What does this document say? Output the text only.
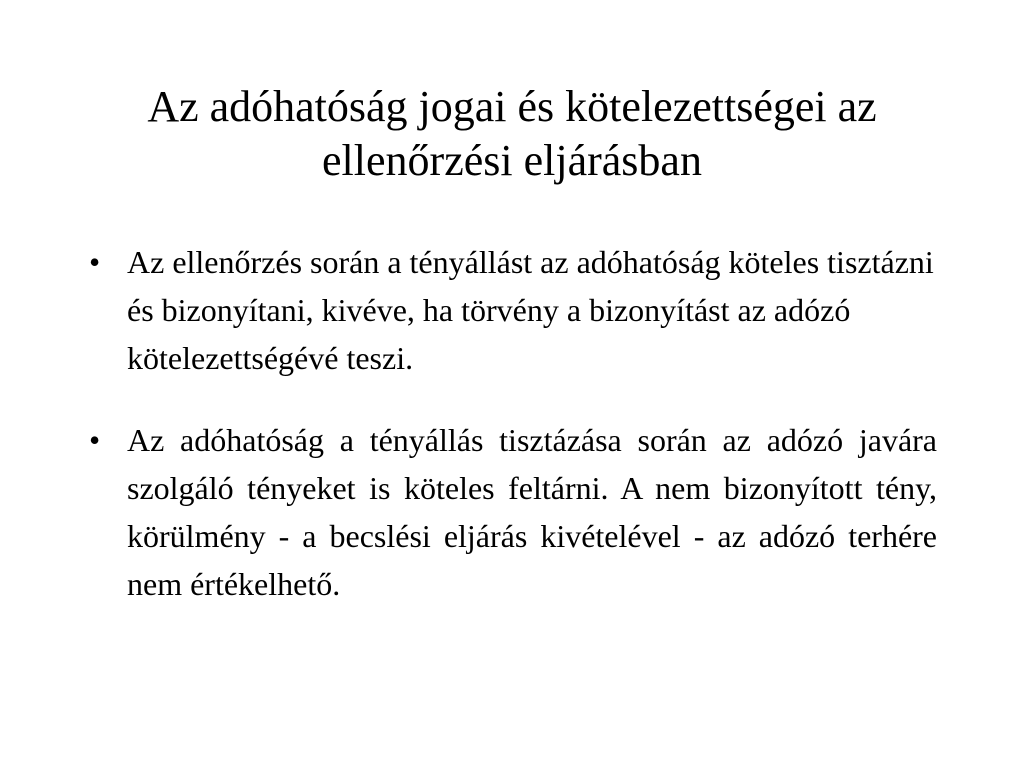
Az adóhatóság jogai és kötelezettségei az ellenőrzési eljárásban
• Az ellenőrzés során a tényállást az adóhatóság köteles tisztázni és bizonyítani, kivéve, ha törvény a bizonyítást az adózó kötelezettségévé teszi.
• Az adóhatóság a tényállás tisztázása során az adózó javára szolgáló tényeket is köteles feltárni. A nem bizonyított tény, körülmény - a becslési eljárás kivételével - az adózó terhére nem értékelhető.
